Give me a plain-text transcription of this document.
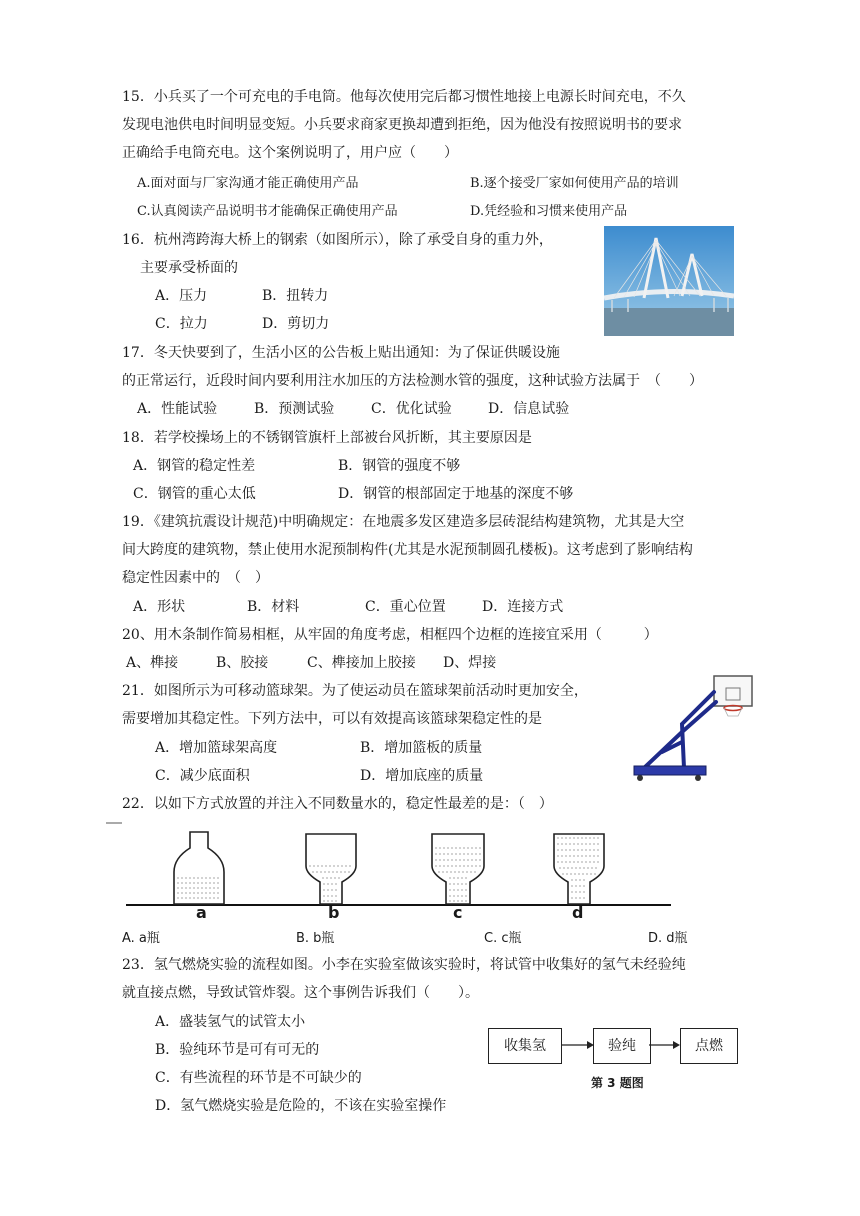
15．小兵买了一个可充电的手电筒。他每次使用完后都习惯性地接上电源长时间充电，不久
发现电池供电时间明显变短。小兵要求商家更换却遭到拒绝，因为他没有按照说明书的要求
正确给手电筒充电。这个案例说明了，用户应（　　）
A.面对面与厂家沟通才能正确使用产品	B.逐个接受厂家如何使用产品的培训
C.认真阅读产品说明书才能确保正确使用产品	D.凭经验和习惯来使用产品
16．杭州湾跨海大桥上的钢索（如图所示），除了承受自身的重力外，
主要承受桥面的
A．压力	B．扭转力
C．拉力	D．剪切力
17．冬天快要到了，生活小区的公告板上贴出通知：为了保证供暖设施
的正常运行，近段时间内要利用注水加压的方法检测水管的强度，这种试验方法属于　（　　）
A．性能试验	B．预测试验	C．优化试验	D．信息试验
18．若学校操场上的不锈钢管旗杆上部被台风折断，其主要原因是
A．钢管的稳定性差	B．钢管的强度不够
C．钢管的重心太低	D．钢管的根部固定于地基的深度不够
19．《建筑抗震设计规范)中明确规定：在地震多发区建造多层砖混结构建筑物，尤其是大空
间大跨度的建筑物，禁止使用水泥预制构件(尤其是水泥预制圆孔楼板)。这考虑到了影响结构
稳定性因素中的　（　）
A．形状	B．材料	C．重心位置	D．连接方式
20、用木条制作简易相框，从牢固的角度考虑，相框四个边框的连接宜采用（　　　）
A、榫接	B、胶接	C、榫接加上胶接 D、焊接
21．如图所示为可移动篮球架。为了使运动员在篮球架前活动时更加安全，
需要增加其稳定性。下列方法中，可以有效提高该篮球架稳定性的是
A．增加篮球架高度	B．增加篮板的质量
C．减少底面积	D．增加底座的质量
22．以如下方式放置的并注入不同数量水的，稳定性最差的是：（　）
a	b	c	d
A. a瓶	B. b瓶	C. c瓶	D. d瓶
23．氢气燃烧实验的流程如图。小李在实验室做该实验时，将试管中收集好的氢气未经验纯
就直接点燃，导致试管炸裂。这个事例告诉我们（　　）。
A．盛装氢气的试管太小
B．验纯环节是可有可无的
C．有些流程的环节是不可缺少的
D．氢气燃烧实验是危险的，不该在实验室操作
收集氢	验纯	点燃
第 3 题图
